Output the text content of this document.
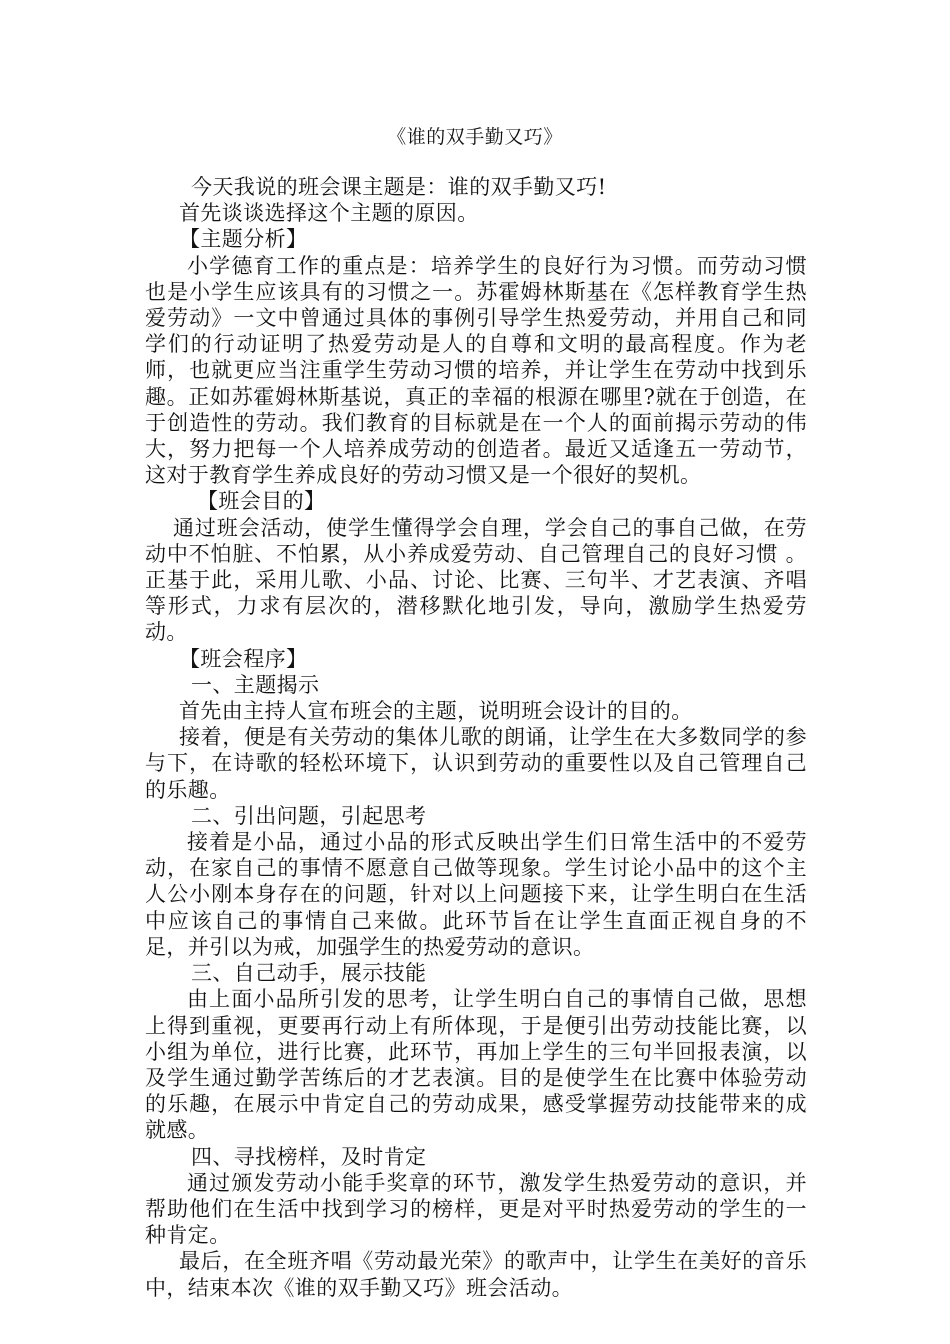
《谁的双手勤又巧》

今天我说的班会课主题是：谁的双手勤又巧!

首先谈谈选择这个主题的原因。

【主题分析】

小学德育工作的重点是：培养学生的良好行为习惯。而劳动习惯也是小学生应该具有的习惯之一。苏霍姆林斯基在《怎样教育学生热爱劳动》一文中曾通过具体的事例引导学生热爱劳动，并用自己和同学们的行动证明了热爱劳动是人的自尊和文明的最高程度。作为老师，也就更应当注重学生劳动习惯的培养，并让学生在劳动中找到乐趣。正如苏霍姆林斯基说，真正的幸福的根源在哪里?就在于创造，在于创造性的劳动。我们教育的目标就是在一个人的面前揭示劳动的伟大，努力把每一个人培养成劳动的创造者。最近又适逢五一劳动节，这对于教育学生养成良好的劳动习惯又是一个很好的契机。

【班会目的】

通过班会活动，使学生懂得学会自理，学会自己的事自己做，在劳动中不怕脏、不怕累，从小养成爱劳动、自己管理自己的良好习惯 。正基于此，采用儿歌、小品、讨论、比赛、三句半、才艺表演、齐唱等形式，力求有层次的，潜移默化地引发，导向，激励学生热爱劳动。

【班会程序】

一、主题揭示

首先由主持人宣布班会的主题，说明班会设计的目的。

接着，便是有关劳动的集体儿歌的朗诵，让学生在大多数同学的参与下，在诗歌的轻松环境下，认识到劳动的重要性以及自己管理自己的乐趣。

二、引出问题，引起思考

接着是小品，通过小品的形式反映出学生们日常生活中的不爱劳动，在家自己的事情不愿意自己做等现象。学生讨论小品中的这个主人公小刚本身存在的问题，针对以上问题接下来，让学生明白在生活中应该自己的事情自己来做。此环节旨在让学生直面正视自身的不足，并引以为戒，加强学生的热爱劳动的意识。

三、自己动手，展示技能

由上面小品所引发的思考，让学生明白自己的事情自己做，思想上得到重视，更要再行动上有所体现，于是便引出劳动技能比赛，以小组为单位，进行比赛，此环节，再加上学生的三句半回报表演，以及学生通过勤学苦练后的才艺表演。目的是使学生在比赛中体验劳动的乐趣，在展示中肯定自己的劳动成果，感受掌握劳动技能带来的成就感。

四、寻找榜样，及时肯定

通过颁发劳动小能手奖章的环节，激发学生热爱劳动的意识，并帮助他们在生活中找到学习的榜样，更是对平时热爱劳动的学生的一种肯定。

最后，在全班齐唱《劳动最光荣》的歌声中，让学生在美好的音乐中，结束本次《谁的双手勤又巧》班会活动。
